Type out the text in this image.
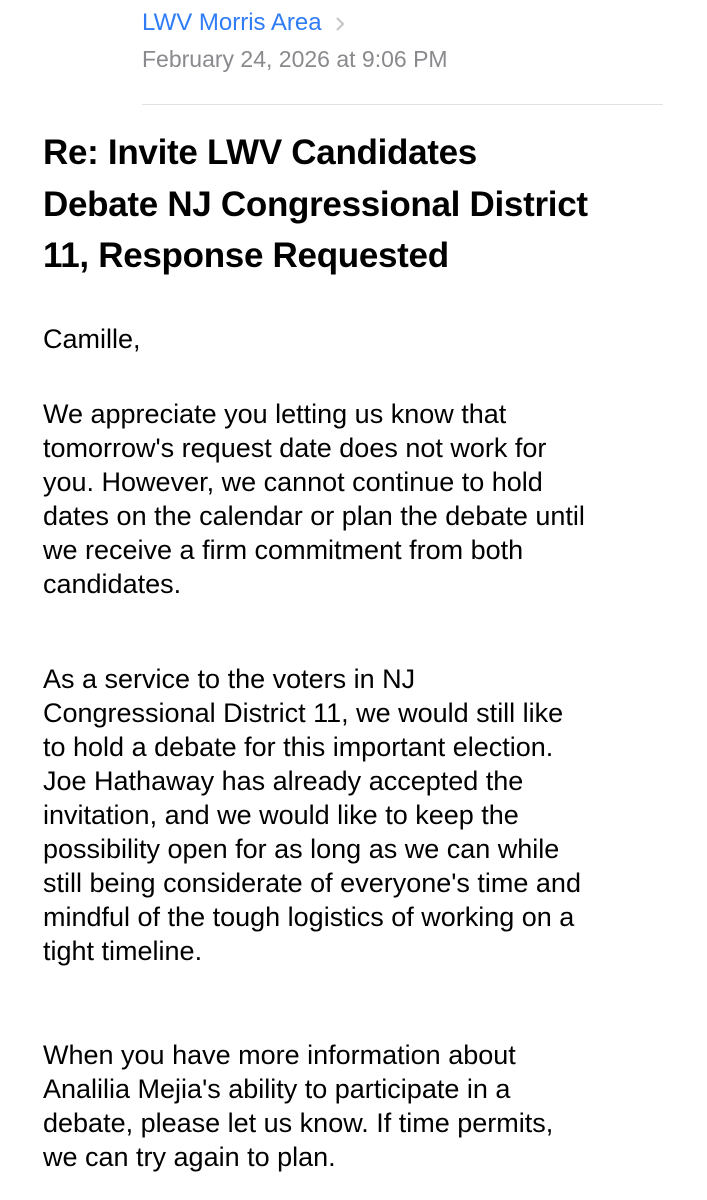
LWV Morris Area
February 24, 2026 at 9:06 PM
Re: Invite LWV Candidates
Debate NJ Congressional District
11, Response Requested

Camille,

We appreciate you letting us know that
tomorrow's request date does not work for
you. However, we cannot continue to hold
dates on the calendar or plan the debate until
we receive a firm commitment from both
candidates.

As a service to the voters in NJ
Congressional District 11, we would still like
to hold a debate for this important election.
Joe Hathaway has already accepted the
invitation, and we would like to keep the
possibility open for as long as we can while
still being considerate of everyone's time and
mindful of the tough logistics of working on a
tight timeline.

When you have more information about
Analilia Mejia's ability to participate in a
debate, please let us know. If time permits,
we can try again to plan.
